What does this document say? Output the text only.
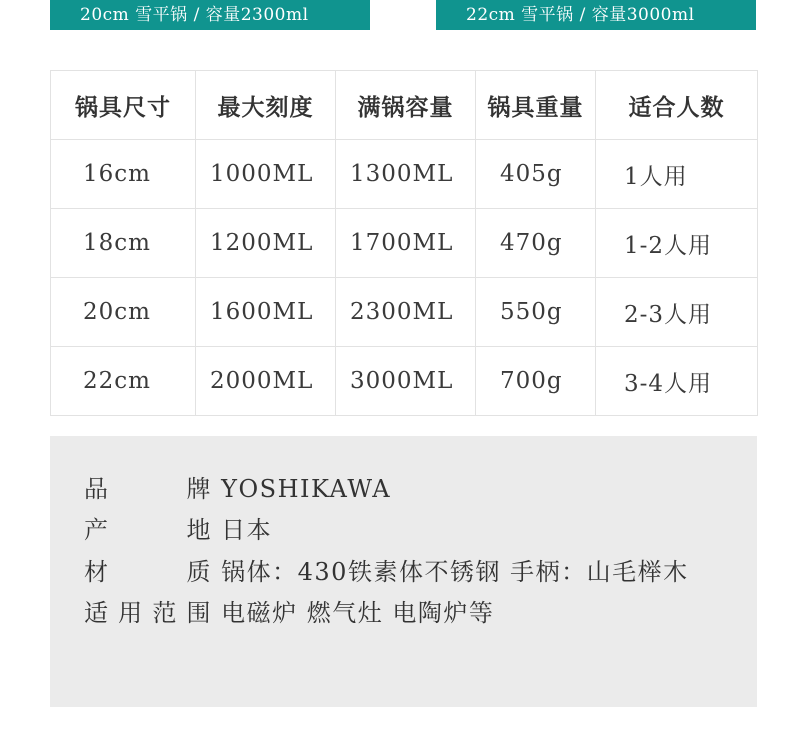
20cm 雪平锅 / 容量2300ml	22cm 雪平锅 / 容量3000ml
锅具尺寸	最大刻度	满锅容量	锅具重量	适合人数
16cm	1000ML	1300ML	405g	1人用
18cm	1200ML	1700ML	470g	1-2人用
20cm	1600ML	2300ML	550g	2-3人用
22cm	2000ML	3000ML	700g	3-4人用
品牌 YOSHIKAWA
产地 日本
材质 锅体：430铁素体不锈钢 手柄：山毛榉木
适用范围 电磁炉 燃气灶 电陶炉等
